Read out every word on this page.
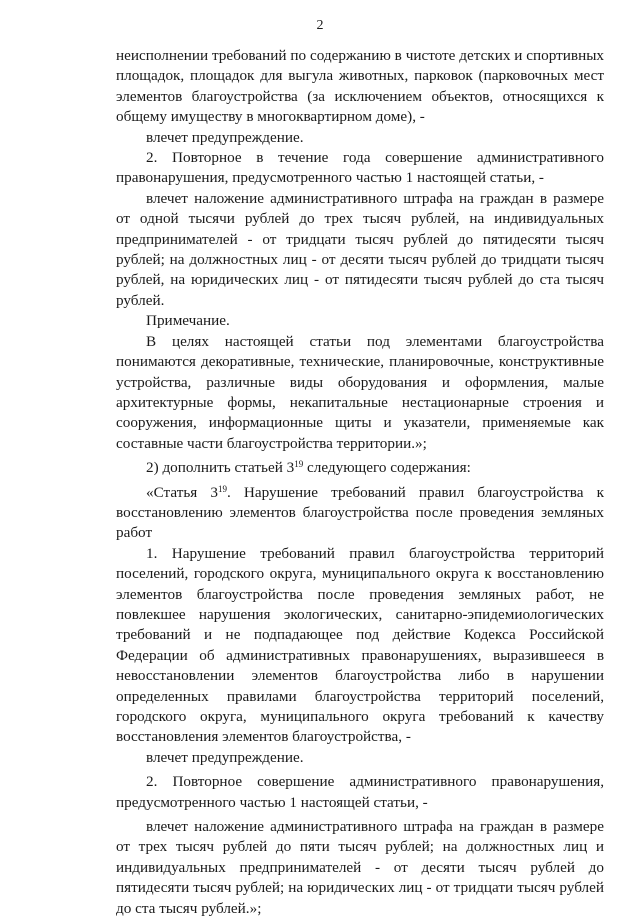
2

неисполнении требований по содержанию в чистоте детских и спортивных площадок, площадок для выгула животных, парковок (парковочных мест элементов благоустройства (за исключением объектов, относящихся к общему имуществу в многоквартирном доме), -

влечет предупреждение.

2. Повторное в течение года совершение административного правонарушения, предусмотренного частью 1 настоящей статьи, -

влечет наложение административного штрафа на граждан в размере от одной тысячи рублей до трех тысяч рублей, на индивидуальных предпринимателей - от тридцати тысяч рублей до пятидесяти тысяч рублей; на должностных лиц - от десяти тысяч рублей до тридцати тысяч рублей, на юридических лиц - от пятидесяти тысяч рублей до ста тысяч рублей.

Примечание.

В целях настоящей статьи под элементами благоустройства понимаются декоративные, технические, планировочные, конструктивные устройства, различные виды оборудования и оформления, малые архитектурные формы, некапитальные нестационарные строения и сооружения, информационные щиты и указатели, применяемые как составные части благоустройства территории.»;

2) дополнить статьей $3^{19}$ следующего содержания:

«Статья $3^{19}$. Нарушение требований правил благоустройства к восстановлению элементов благоустройства после проведения земляных работ

1. Нарушение требований правил благоустройства территорий поселений, городского округа, муниципального округа к восстановлению элементов благоустройства после проведения земляных работ, не повлекшее нарушения экологических, санитарно-эпидемиологических требований и не подпадающее под действие Кодекса Российской Федерации об административных правонарушениях, выразившееся в невосстановлении элементов благоустройства либо в нарушении определенных правилами благоустройства территорий поселений, городского округа, муниципального округа требований к качеству восстановления элементов благоустройства, -

влечет предупреждение.

2. Повторное совершение административного правонарушения, предусмотренного частью 1 настоящей статьи, -

влечет наложение административного штрафа на граждан в размере от трех тысяч рублей до пяти тысяч рублей; на должностных лиц и индивидуальных предпринимателей - от десяти тысяч рублей до пятидесяти тысяч рублей; на юридических лиц - от тридцати тысяч рублей до ста тысяч рублей.»;
